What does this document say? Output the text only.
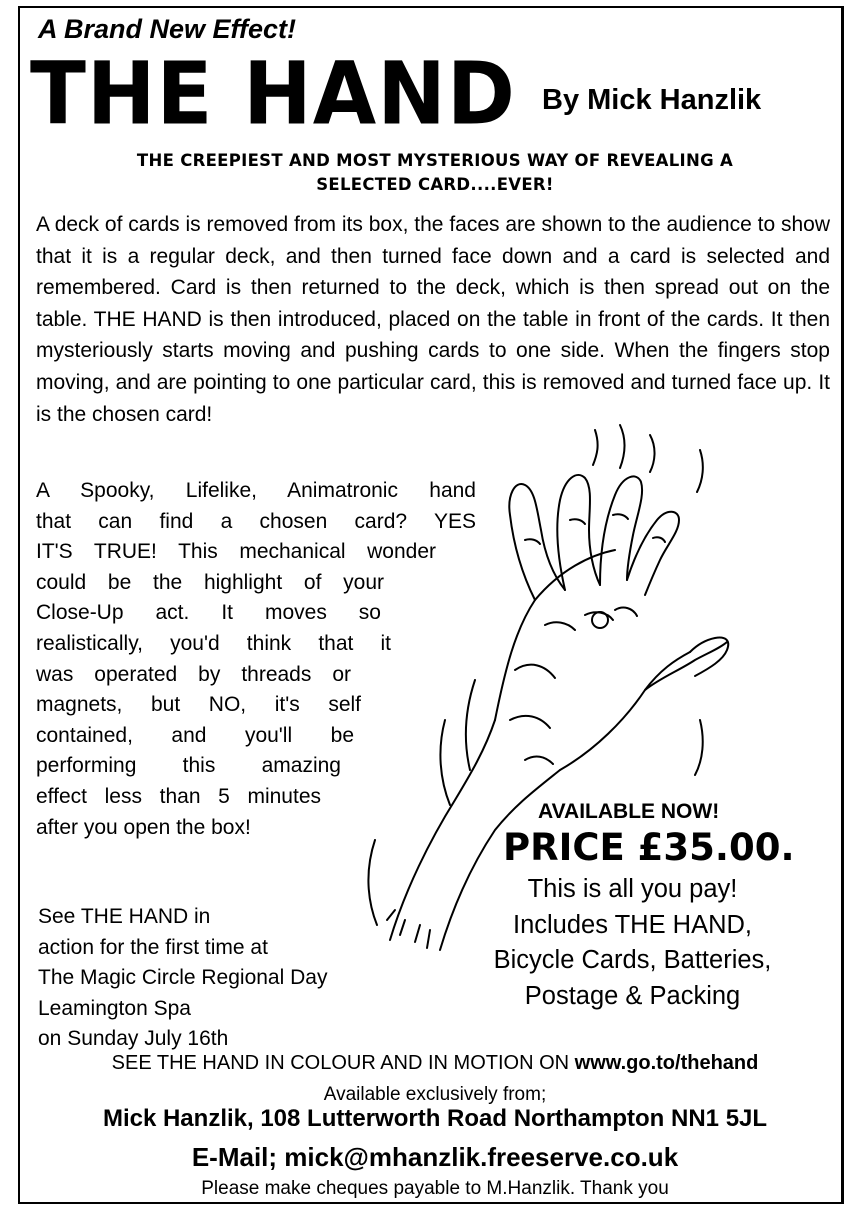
A Brand New Effect!
THE HAND By Mick Hanzlik
THE CREEPIEST AND MOST MYSTERIOUS WAY OF REVEALING A
SELECTED CARD....EVER!

A deck of cards is removed from its box, the faces are shown to the audience to show that it is a regular deck, and then turned face down and a card is selected and remembered. Card is then returned to the deck, which is then spread out on the table. THE HAND is then introduced, placed on the table in front of the cards. It then mysteriously starts moving and pushing cards to one side. When the fingers stop moving, and are pointing to one particular card, this is removed and turned face up. It is the chosen card!

A Spooky, Lifelike, Animatronic hand
that can find a chosen card? YES
IT'S TRUE! This mechanical wonder
could be the highlight of your
Close-Up act. It moves so
realistically, you'd think that it
was operated by threads or
magnets, but NO, it's self
contained, and you'll be
performing this amazing
effect less than 5 minutes
after you open the box!
AVAILABLE NOW!
PRICE £35.00.
This is all you pay!
Includes THE HAND,
Bicycle Cards, Batteries,
Postage & Packing
See THE HAND in
action for the first time at
The Magic Circle Regional Day
Leamington Spa
on Sunday July 16th
SEE THE HAND IN COLOUR AND IN MOTION ON www.go.to/thehand
Available exclusively from;
Mick Hanzlik, 108 Lutterworth Road Northampton NN1 5JL
E-Mail; mick@mhanzlik.freeserve.co.uk
Please make cheques payable to M.Hanzlik. Thank you
